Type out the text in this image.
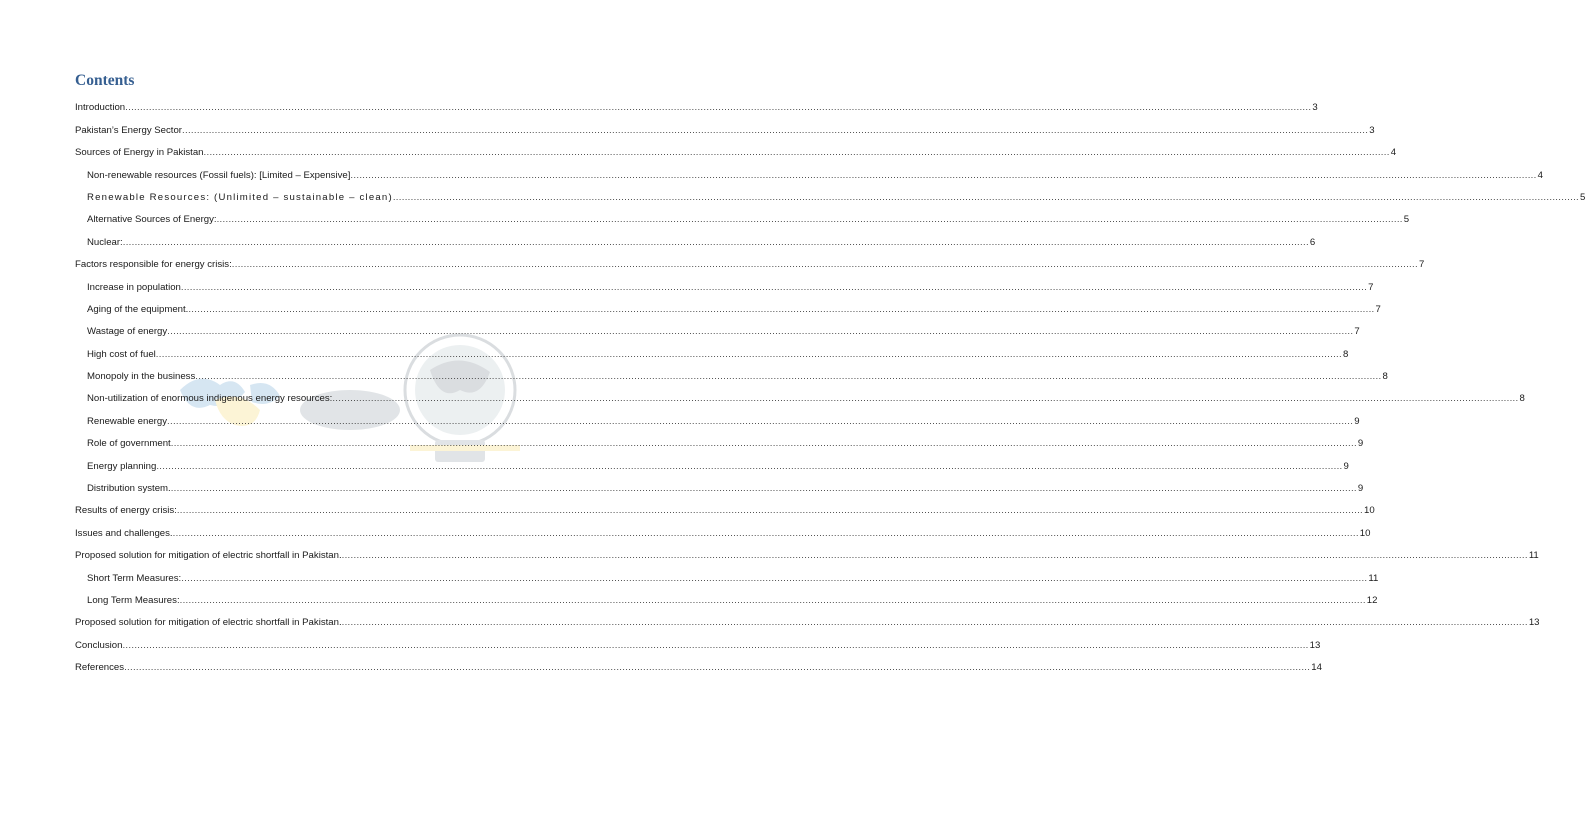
Contents
Introduction ................................................................................................................................................................................................................................................................................................................................................................................................................ 3
Pakistan’s Energy Sector ................................................................................................................................................................................................................................................................................................................................................................................................................ 3
Sources of Energy in Pakistan ................................................................................................................................................................................................................................................................................................................................................................................................................ 4
Non-renewable resources (Fossil fuels): [Limited – Expensive] ................................................................................................................................................................................................................................................................................................................................................................................................................ 4
Renewable Resources: (Unlimited – sustainable – clean) ................................................................................................................................................................................................................................................................................................................................................................................................................ 5
Alternative Sources of Energy: ................................................................................................................................................................................................................................................................................................................................................................................................................ 5
Nuclear: ................................................................................................................................................................................................................................................................................................................................................................................................................ 6
Factors responsible for energy crisis: ................................................................................................................................................................................................................................................................................................................................................................................................................ 7
Increase in population ................................................................................................................................................................................................................................................................................................................................................................................................................ 7
Aging of the equipment. ................................................................................................................................................................................................................................................................................................................................................................................................................ 7
Wastage of energy ................................................................................................................................................................................................................................................................................................................................................................................................................ 7
High cost of fuel ................................................................................................................................................................................................................................................................................................................................................................................................................ 8
Monopoly in the business ................................................................................................................................................................................................................................................................................................................................................................................................................ 8
Non-utilization of enormous indigenous energy resources: ................................................................................................................................................................................................................................................................................................................................................................................................................ 8
Renewable energy ................................................................................................................................................................................................................................................................................................................................................................................................................ 9
Role of government ................................................................................................................................................................................................................................................................................................................................................................................................................ 9
Energy planning ................................................................................................................................................................................................................................................................................................................................................................................................................ 9
Distribution system. ................................................................................................................................................................................................................................................................................................................................................................................................................ 9
Results of energy crisis: ................................................................................................................................................................................................................................................................................................................................................................................................................ 10
Issues and challenges. ................................................................................................................................................................................................................................................................................................................................................................................................................ 10
Proposed solution for mitigation of electric shortfall in Pakistan. ................................................................................................................................................................................................................................................................................................................................................................................................................ 11
Short Term Measures: ................................................................................................................................................................................................................................................................................................................................................................................................................ 11
Long Term Measures: ................................................................................................................................................................................................................................................................................................................................................................................................................ 12
Proposed solution for mitigation of electric shortfall in Pakistan. ................................................................................................................................................................................................................................................................................................................................................................................................................ 13
Conclusion ................................................................................................................................................................................................................................................................................................................................................................................................................ 13
References ................................................................................................................................................................................................................................................................................................................................................................................................................ 14
